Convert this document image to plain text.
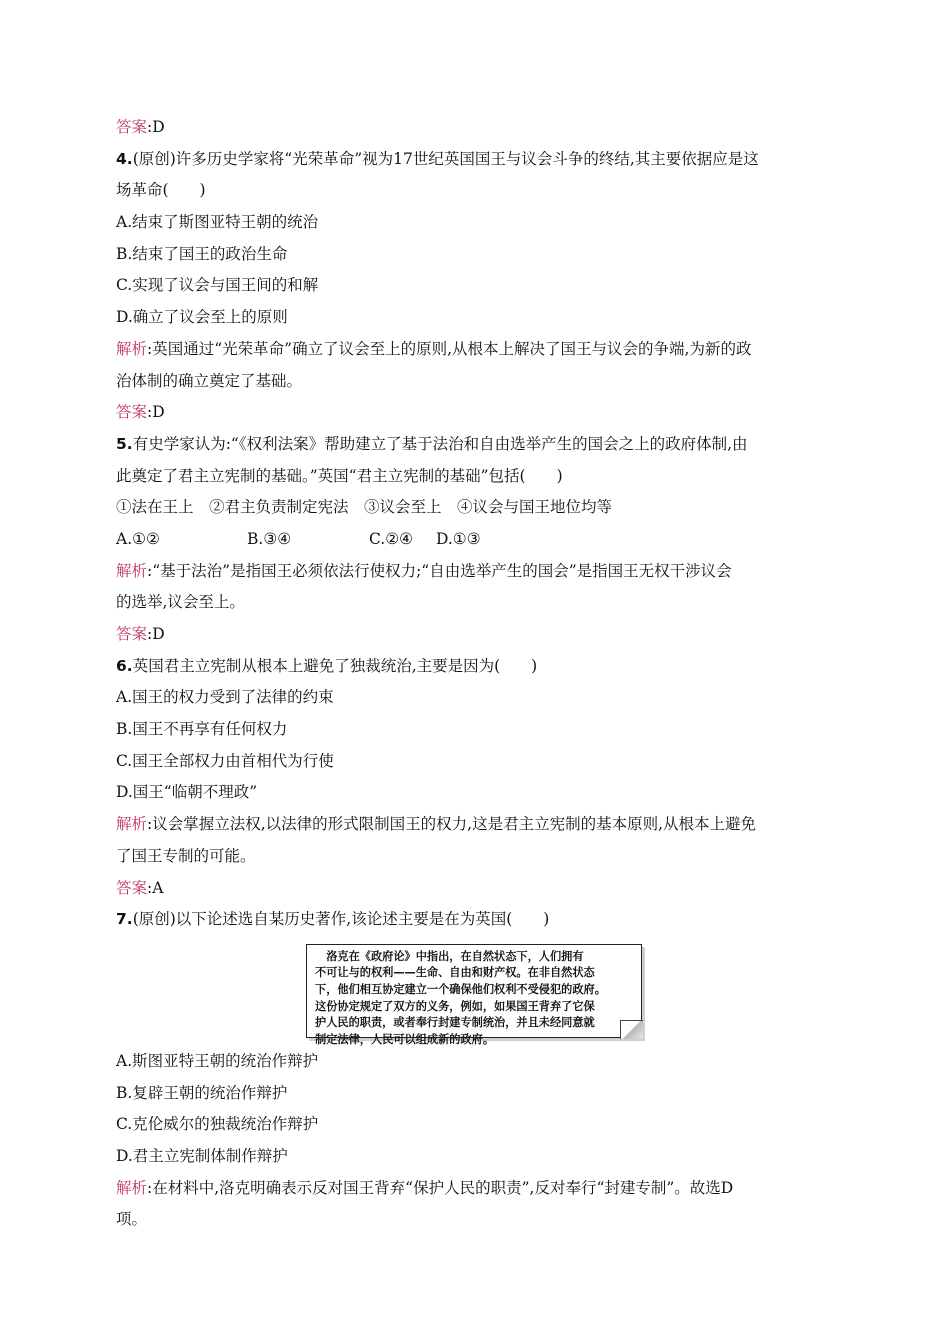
答案:D
4.(原创)许多历史学家将“光荣革命”视为17世纪英国国王与议会斗争的终结,其主要依据应是这
场革命(　　)
A.结束了斯图亚特王朝的统治
B.结束了国王的政治生命
C.实现了议会与国王间的和解
D.确立了议会至上的原则
解析:英国通过“光荣革命”确立了议会至上的原则,从根本上解决了国王与议会的争端,为新的政
治体制的确立奠定了基础。
答案:D
5.有史学家认为:“《权利法案》帮助建立了基于法治和自由选举产生的国会之上的政府体制,由
此奠定了君主立宪制的基础。”英国“君主立宪制的基础”包括(　　)
①法在王上　②君主负责制定宪法　③议会至上　④议会与国王地位均等
A.①②	B.③④	C.②④ D.①③
解析:“基于法治”是指国王必须依法行使权力;“自由选举产生的国会”是指国王无权干涉议会
的选举,议会至上。
答案:D
6.英国君主立宪制从根本上避免了独裁统治,主要是因为(　　)
A.国王的权力受到了法律的约束
B.国王不再享有任何权力
C.国王全部权力由首相代为行使
D.国王“临朝不理政”
解析:议会掌握立法权,以法律的形式限制国王的权力,这是君主立宪制的基本原则,从根本上避免
了国王专制的可能。
答案:A
7.(原创)以下论述选自某历史著作,该论述主要是在为英国(　　)
　洛克在《政府论》中指出，在自然状态下，人们拥有
不可让与的权利——生命、自由和财产权。在非自然状态
下，他们相互协定建立一个确保他们权利不受侵犯的政府。
这份协定规定了双方的义务，例如，如果国王背弃了它保
护人民的职责，或者奉行封建专制统治，并且未经同意就
制定法律，人民可以组成新的政府。
A.斯图亚特王朝的统治作辩护
B.复辟王朝的统治作辩护
C.克伦威尔的独裁统治作辩护
D.君主立宪制体制作辩护
解析:在材料中,洛克明确表示反对国王背弃“保护人民的职责”,反对奉行“封建专制”。故选D
项。
